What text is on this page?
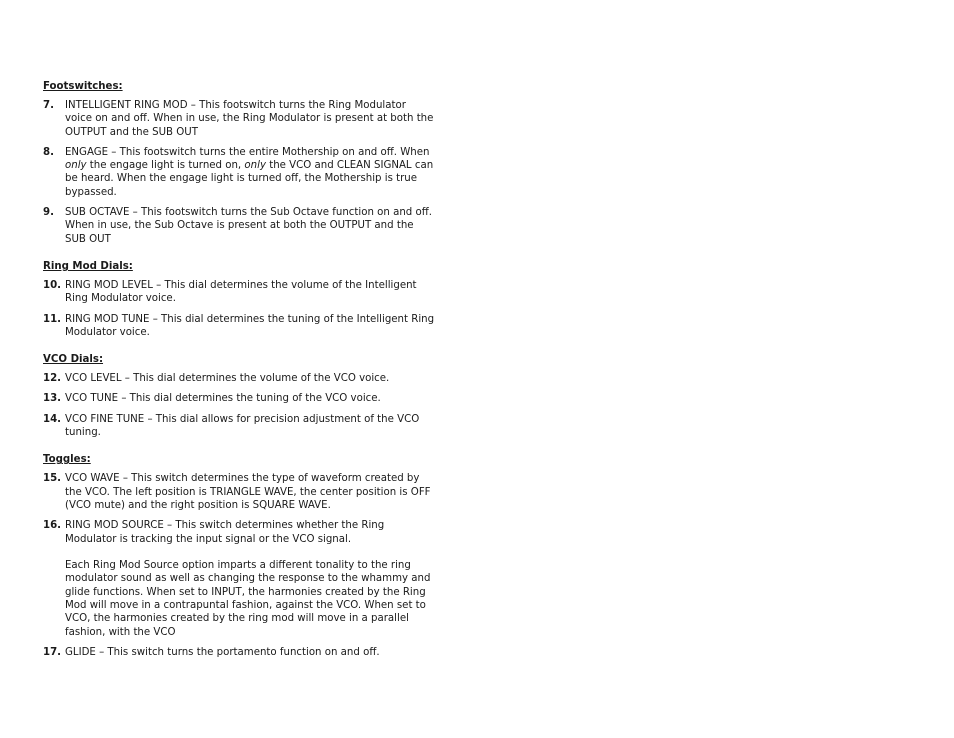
Footswitches:

7. INTELLIGENT RING MOD – This footswitch turns the Ring Modulator voice on and off. When in use, the Ring Modulator is present at both the OUTPUT and the SUB OUT
8. ENGAGE – This footswitch turns the entire Mothership on and off. When only the engage light is turned on, only the VCO and CLEAN SIGNAL can be heard. When the engage light is turned off, the Mothership is true bypassed.
9. SUB OCTAVE – This footswitch turns the Sub Octave function on and off. When in use, the Sub Octave is present at both the OUTPUT and the SUB OUT

Ring Mod Dials:

10. RING MOD LEVEL – This dial determines the volume of the Intelligent Ring Modulator voice.
11. RING MOD TUNE – This dial determines the tuning of the Intelligent Ring Modulator voice.

VCO Dials:

12. VCO LEVEL – This dial determines the volume of the VCO voice.
13. VCO TUNE – This dial determines the tuning of the VCO voice.
14. VCO FINE TUNE – This dial allows for precision adjustment of the VCO tuning.

Toggles:

15. VCO WAVE – This switch determines the type of waveform created by the VCO. The left position is TRIANGLE WAVE, the center position is OFF (VCO mute) and the right position is SQUARE WAVE.
16. RING MOD SOURCE – This switch determines whether the Ring Modulator is tracking the input signal or the VCO signal.
Each Ring Mod Source option imparts a different tonality to the ring modulator sound as well as changing the response to the whammy and glide functions. When set to INPUT, the harmonies created by the Ring Mod will move in a contrapuntal fashion, against the VCO. When set to VCO, the harmonies created by the ring mod will move in a parallel fashion, with the VCO
17. GLIDE – This switch turns the portamento function on and off.
